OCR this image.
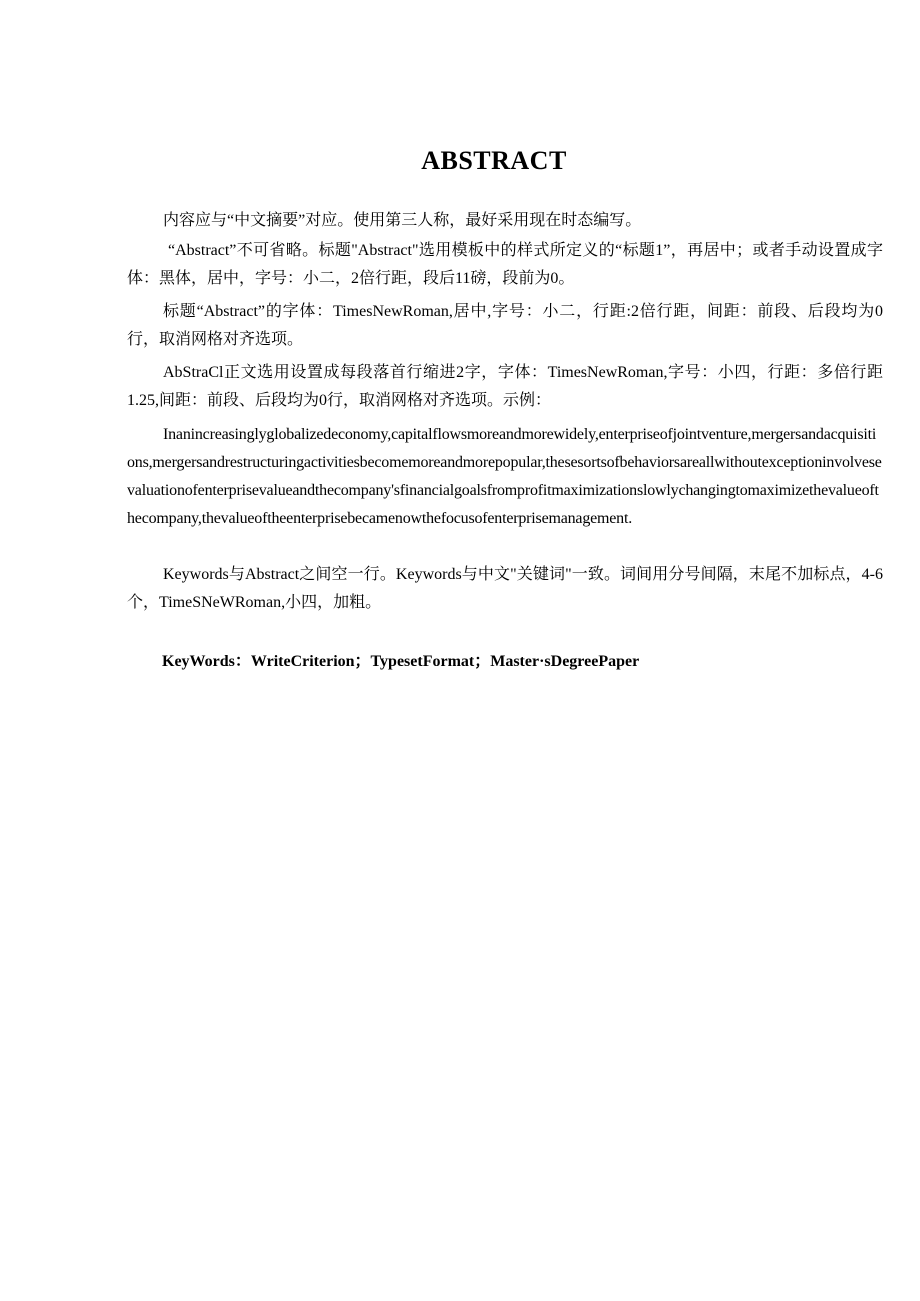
ABSTRACT

内容应与“中文摘要”对应。使用第三人称，最好采用现在时态编写。

“Abstract”不可省略。标题"Abstract"选用模板中的样式所定义的“标题1”，再居中；或者手动设置成字体：黑体，居中，字号：小二，2倍行距，段后11磅，段前为0。

标题“Abstract”的字体：TimesNewRoman,居中,字号：小二，行距:2倍行距，间距：前段、后段均为0行，取消网格对齐选项。

AbStraCl正文选用设置成每段落首行缩进2字，字体：TimesNewRoman,字号：小四，行距：多倍行距1.25,间距：前段、后段均为0行，取消网格对齐选项。示例：

Inanincreasinglyglobalizedeconomy,capitalflowsmoreandmorewidely,enterpriseofjointventure,mergersandacquisitions,mergersandrestructuringactivitiesbecomemoreandmorepopular,thesesortsofbehaviorsareallwithoutexceptioninvolvesevaluationofenterprisevalueandthecompany'sfinancialgoalsfromprofitmaximizationslowlychangingtomaximizethevalueofthecompany,thevalueoftheenterprisebecamenowthefocusofenterprisemanagement.

Keywords与Abstract之间空一行。Keywords与中文"关键词"一致。词间用分号间隔，末尾不加标点，4-6个，TimeSNeWRoman,小四，加粗。

KeyWords：WriteCriterion；TypesetFormat；Master·sDegreePaper
